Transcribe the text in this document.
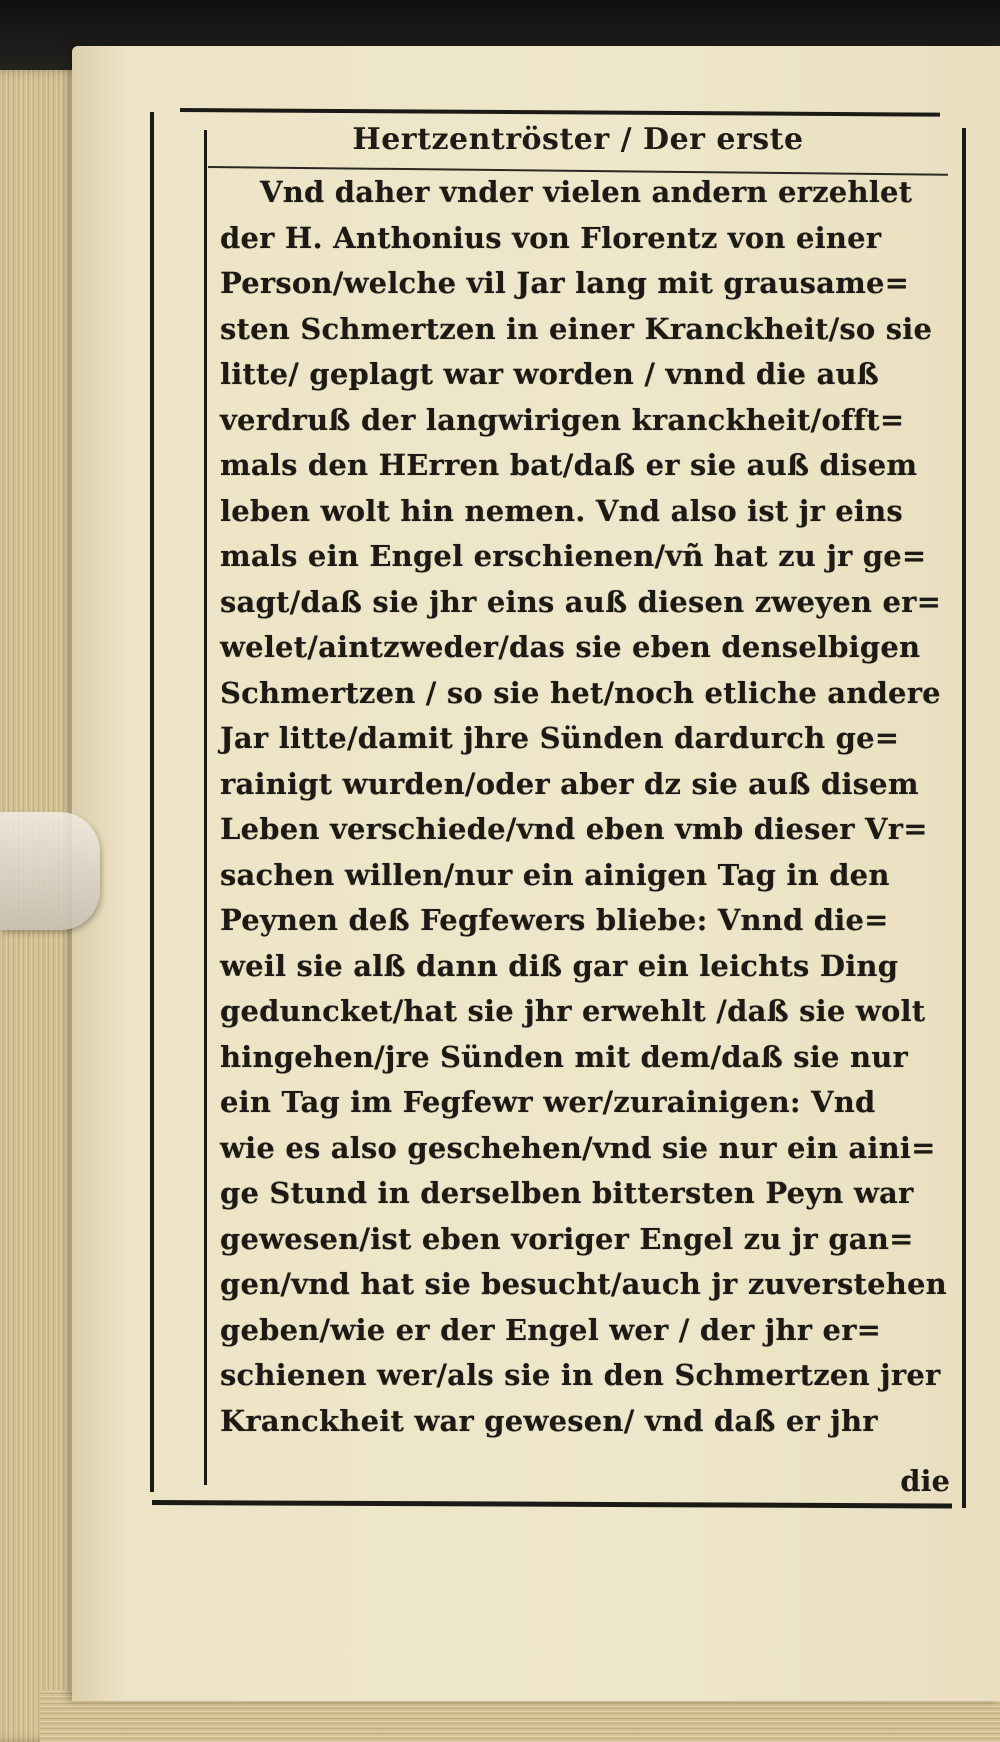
Hertzentröster / Der erste
Vnd daher vnder vielen andern erzehlet
der H. Anthonius von Florentz von einer
Person/welche vil Jar lang mit grausame=
sten Schmertzen in einer Kranckheit/so sie
litte/ geplagt war worden / vnnd die auß
verdruß der langwirigen kranckheit/offt=
mals den HErren bat/daß er sie auß disem
leben wolt hin nemen. Vnd also ist jr eins
mals ein Engel erschienen/vñ hat zu jr ge=
sagt/daß sie jhr eins auß diesen zweyen er=
welet/aintzweder/das sie eben denselbigen
Schmertzen / so sie het/noch etliche andere
Jar litte/damit jhre Sünden dardurch ge=
rainigt wurden/oder aber dz sie auß disem
Leben verschiede/vnd eben vmb dieser Vr=
sachen willen/nur ein ainigen Tag in den
Peynen deß Fegfewers bliebe: Vnnd die=
weil sie alß dann diß gar ein leichts Ding
geduncket/hat sie jhr erwehlt /daß sie wolt
hingehen/jre Sünden mit dem/daß sie nur
ein Tag im Fegfewr wer/zurainigen: Vnd
wie es also geschehen/vnd sie nur ein aini=
ge Stund in derselben bittersten Peyn war
gewesen/ist eben voriger Engel zu jr gan=
gen/vnd hat sie besucht/auch jr zuverstehen
geben/wie er der Engel wer / der jhr er=
schienen wer/als sie in den Schmertzen jrer
Kranckheit war gewesen/ vnd daß er jhr
die
